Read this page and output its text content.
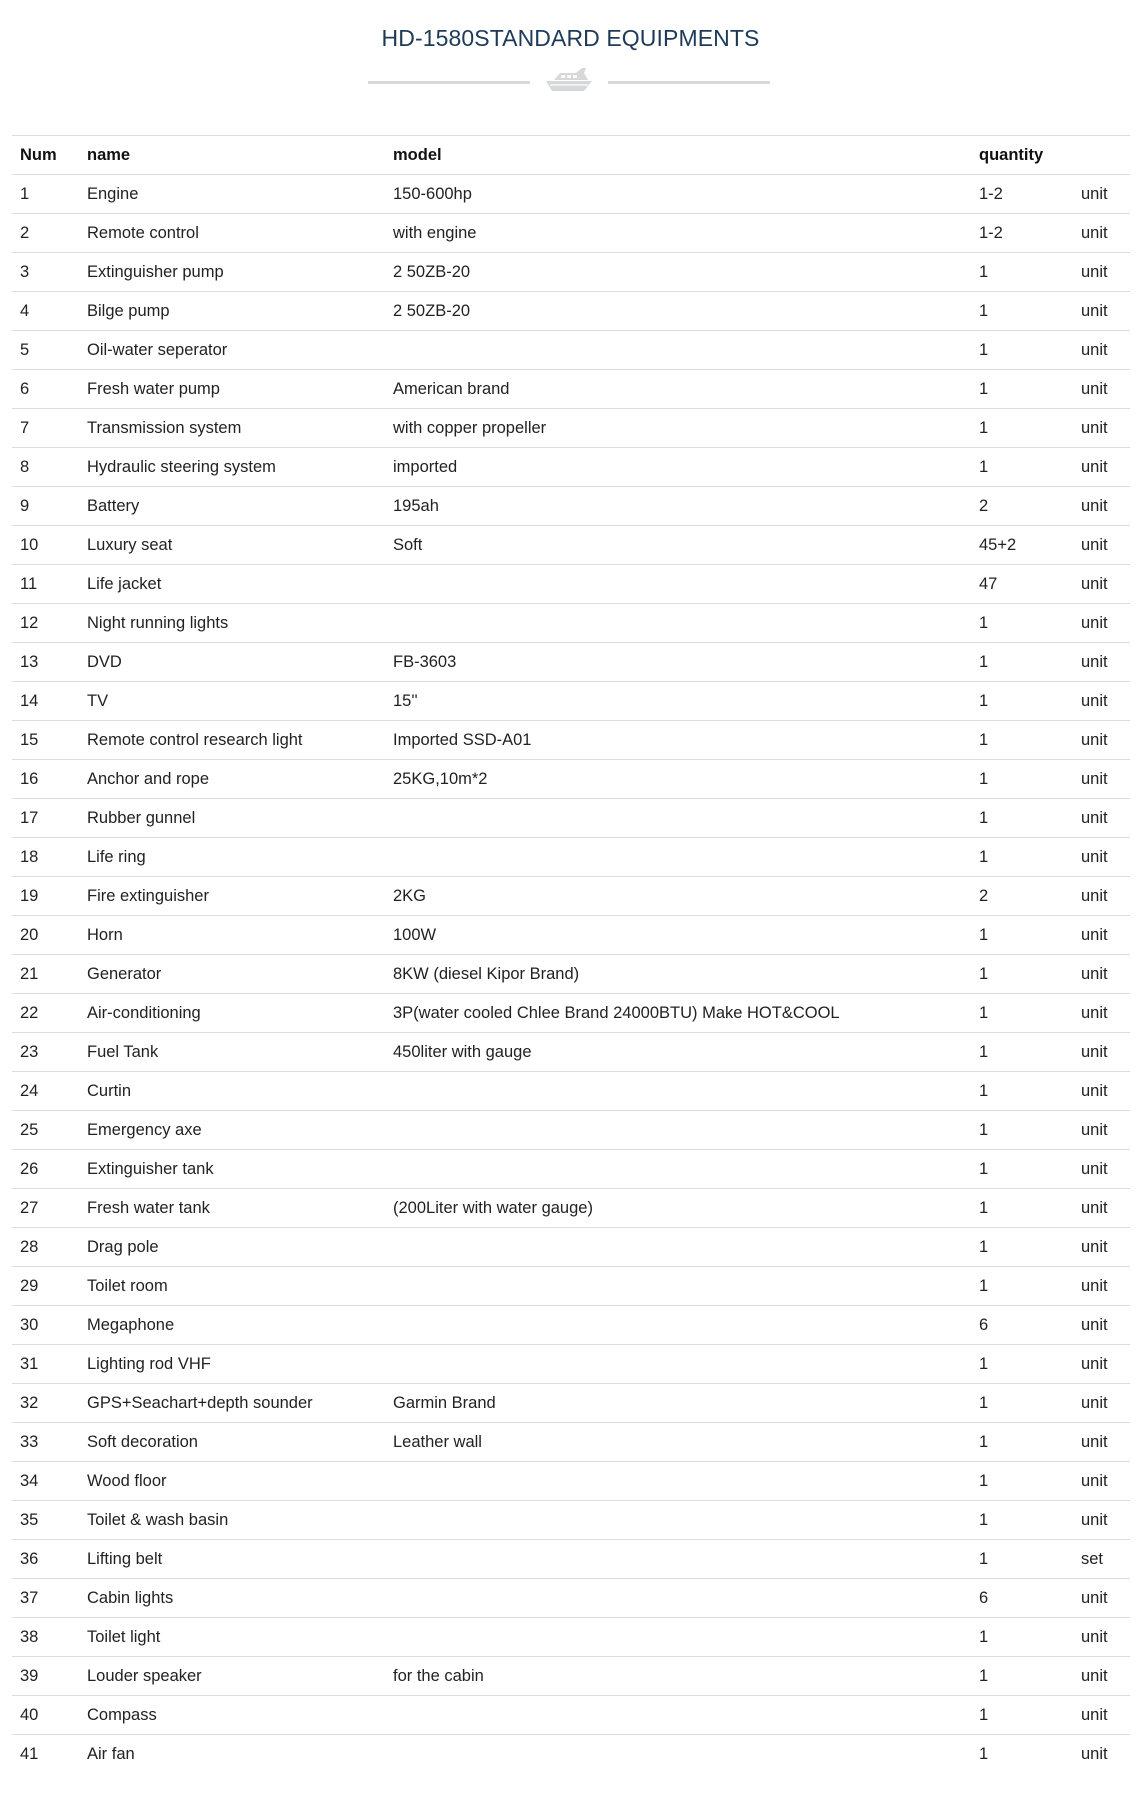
HD-1580STANDARD EQUIPMENTS
Num	name	model	quantity	
1	Engine	150-600hp	1-2	unit
2	Remote control	with engine	1-2	unit
3	Extinguisher pump	2 50ZB-20	1	unit
4	Bilge pump	2 50ZB-20	1	unit
5	Oil-water seperator		1	unit
6	Fresh water pump	American brand	1	unit
7	Transmission system	with copper propeller	1	unit
8	Hydraulic steering system	imported	1	unit
9	Battery	195ah	2	unit
10	Luxury seat	Soft	45+2	unit
11	Life jacket		47	unit
12	Night running lights		1	unit
13	DVD	FB-3603	1	unit
14	TV	15''	1	unit
15	Remote control research light	Imported SSD-A01	1	unit
16	Anchor and rope	25KG,10m*2	1	unit
17	Rubber gunnel		1	unit
18	Life ring		1	unit
19	Fire extinguisher	2KG	2	unit
20	Horn	100W	1	unit
21	Generator	8KW (diesel Kipor Brand)	1	unit
22	Air-conditioning	3P(water cooled Chlee Brand 24000BTU) Make HOT&COOL	1	unit
23	Fuel Tank	450liter with gauge	1	unit
24	Curtin		1	unit
25	Emergency axe		1	unit
26	Extinguisher tank		1	unit
27	Fresh water tank	(200Liter with water gauge)	1	unit
28	Drag pole		1	unit
29	Toilet room		1	unit
30	Megaphone		6	unit
31	Lighting rod VHF		1	unit
32	GPS+Seachart+depth sounder	Garmin Brand	1	unit
33	Soft decoration	Leather wall	1	unit
34	Wood floor		1	unit
35	Toilet & wash basin		1	unit
36	Lifting belt		1	set
37	Cabin lights		6	unit
38	Toilet light		1	unit
39	Louder speaker	for the cabin	1	unit
40	Compass		1	unit
41	Air fan		1	unit
